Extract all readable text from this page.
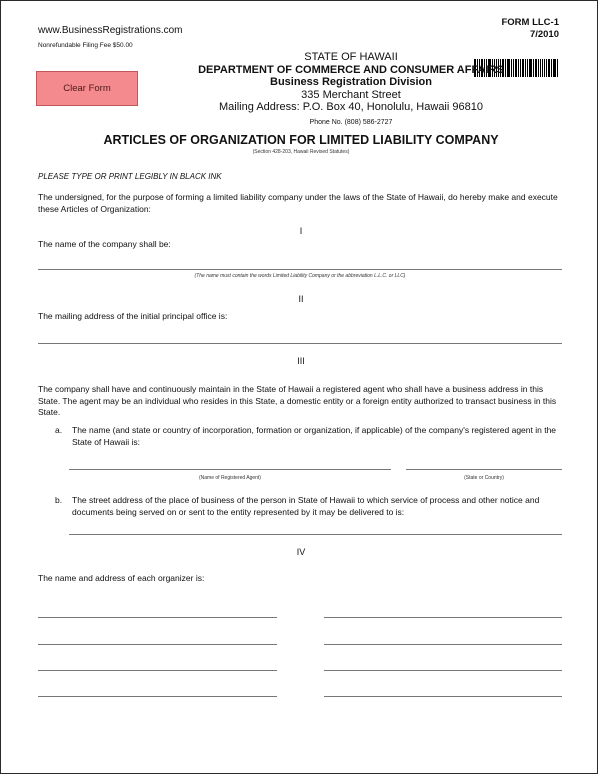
www.BusinessRegistrations.com
Nonrefundable Filing Fee $50.00
FORM LLC-1
7/2010
Clear Form
STATE OF HAWAII
DEPARTMENT OF COMMERCE AND CONSUMER AFFAIRS
Business Registration Division
335 Merchant Street
Mailing Address: P.O. Box 40, Honolulu, Hawaii 96810
Phone No. (808) 586-2727
ARTICLES OF ORGANIZATION FOR LIMITED LIABILITY COMPANY
(Section 428-203, Hawaii Revised Statutes)
PLEASE TYPE OR PRINT LEGIBLY IN BLACK INK
The undersigned, for the purpose of forming a limited liability company under the laws of the State of Hawaii, do hereby make and execute these Articles of Organization:
I
The name of the company shall be:
(The name must contain the words Limited Liability Company or the abbreviation L.L.C. or LLC)
II
The mailing address of the initial principal office is:
III
The company shall have and continuously maintain in the State of Hawaii a registered agent who shall have a business address in this State. The agent may be an individual who resides in this State, a domestic entity or a foreign entity authorized to transact business in this State.
a. The name (and state or country of incorporation, formation or organization, if applicable) of the company's registered agent in the State of Hawaii is:
(Name of Registered Agent)	(State or Country)
b. The street address of the place of business of the person in State of Hawaii to which service of process and other notice and documents being served on or sent to the entity represented by it may be delivered to is:
IV
The name and address of each organizer is:
